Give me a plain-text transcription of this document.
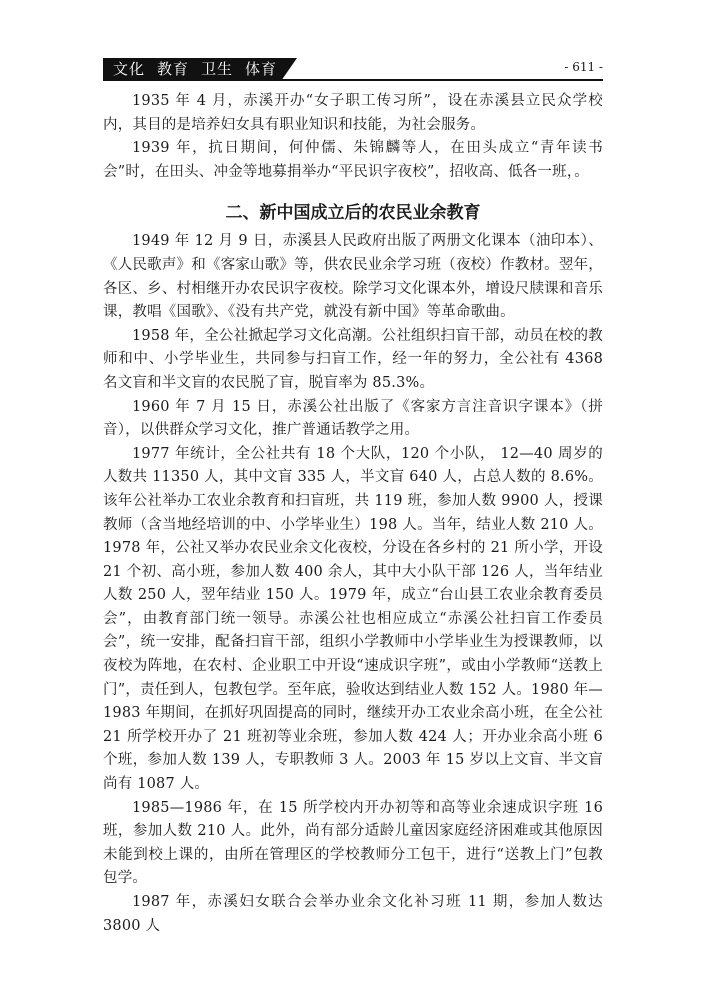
文化 教育 卫生 体育	- 611 -

1935 年 4 月，赤溪开办“女子职工传习所”，设在赤溪县立民众学校内，其目的是培养妇女具有职业知识和技能，为社会服务。

1939 年，抗日期间，何仲儒、朱锦麟等人，在田头成立“青年读书会”时，在田头、冲金等地募捐举办“平民识字夜校”，招收高、低各一班，。

二、新中国成立后的农民业余教育

1949 年 12 月 9 日，赤溪县人民政府出版了两册文化课本（油印本）、《人民歌声》和《客家山歌》等，供农民业余学习班（夜校）作教材。翌年，各区、乡、村相继开办农民识字夜校。除学习文化课本外，增设尺牍课和音乐课，教唱《国歌》、《没有共产党，就没有新中国》等革命歌曲。

1958 年，全公社掀起学习文化高潮。公社组织扫盲干部，动员在校的教师和中、小学毕业生，共同参与扫盲工作，经一年的努力，全公社有 4368 名文盲和半文盲的农民脱了盲，脱盲率为 85.3%。

1960 年 7 月 15 日，赤溪公社出版了《客家方言注音识字课本》（拼音），以供群众学习文化，推广普通话教学之用。

1977 年统计，全公社共有 18 个大队，120 个小队， 12—40 周岁的人数共 11350 人，其中文盲 335 人，半文盲 640 人，占总人数的 8.6%。该年公社举办工农业余教育和扫盲班，共 119 班，参加人数 9900 人，授课教师（含当地经培训的中、小学毕业生）198 人。当年，结业人数 210 人。1978 年，公社又举办农民业余文化夜校，分设在各乡村的 21 所小学，开设 21 个初、高小班，参加人数 400 余人，其中大小队干部 126 人，当年结业人数 250 人，翌年结业 150 人。1979 年，成立“台山县工农业余教育委员会”，由教育部门统一领导。赤溪公社也相应成立“赤溪公社扫盲工作委员会”，统一安排，配备扫盲干部，组织小学教师中小学毕业生为授课教师，以夜校为阵地，在农村、企业职工中开设“速成识字班”，或由小学教师“送教上门”，责任到人，包教包学。至年底，验收达到结业人数 152 人。1980 年—1983 年期间，在抓好巩固提高的同时，继续开办工农业余高小班，在全公社 21 所学校开办了 21 班初等业余班，参加人数 424 人；开办业余高小班 6 个班，参加人数 139 人，专职教师 3 人。2003 年 15 岁以上文盲、半文盲尚有 1087 人。

1985—1986 年，在 15 所学校内开办初等和高等业余速成识字班 16 班，参加人数 210 人。此外，尚有部分适龄儿童因家庭经济困难或其他原因未能到校上课的，由所在管理区的学校教师分工包干，进行“送教上门”包教包学。

1987 年，赤溪妇女联合会举办业余文化补习班 11 期，参加人数达 3800 人
